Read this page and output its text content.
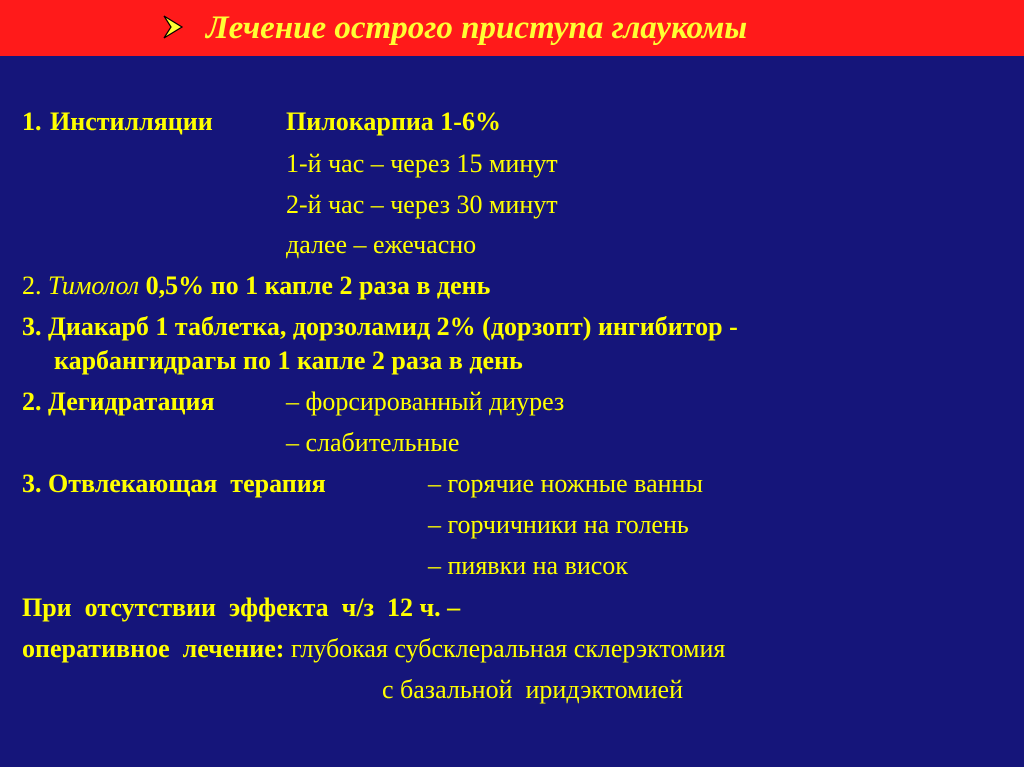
Лечение острого приступа глаукомы
1. Инстилляции	Пилокарпиа 1-6%
1-й час – через 15 минут
2-й час – через 30 минут
далее – ежечасно
2. Тимолол 0,5% по 1 капле 2 раза в день
3. Диакарб 1 таблетка, дорзоламид 2% (дорзопт) ингибитор -
карбангидрагы по 1 капле 2 раза в день
2. Дегидратация	– форсированный диурез
– слабительные
3. Отвлекающая  терапия	– горячие ножные ванны
– горчичники на голень
– пиявки на висок
При  отсутствии  эффекта  ч/з  12 ч. –
оперативное  лечение: глубокая субсклеральная склерэктомия
с базальной  иридэктомией
